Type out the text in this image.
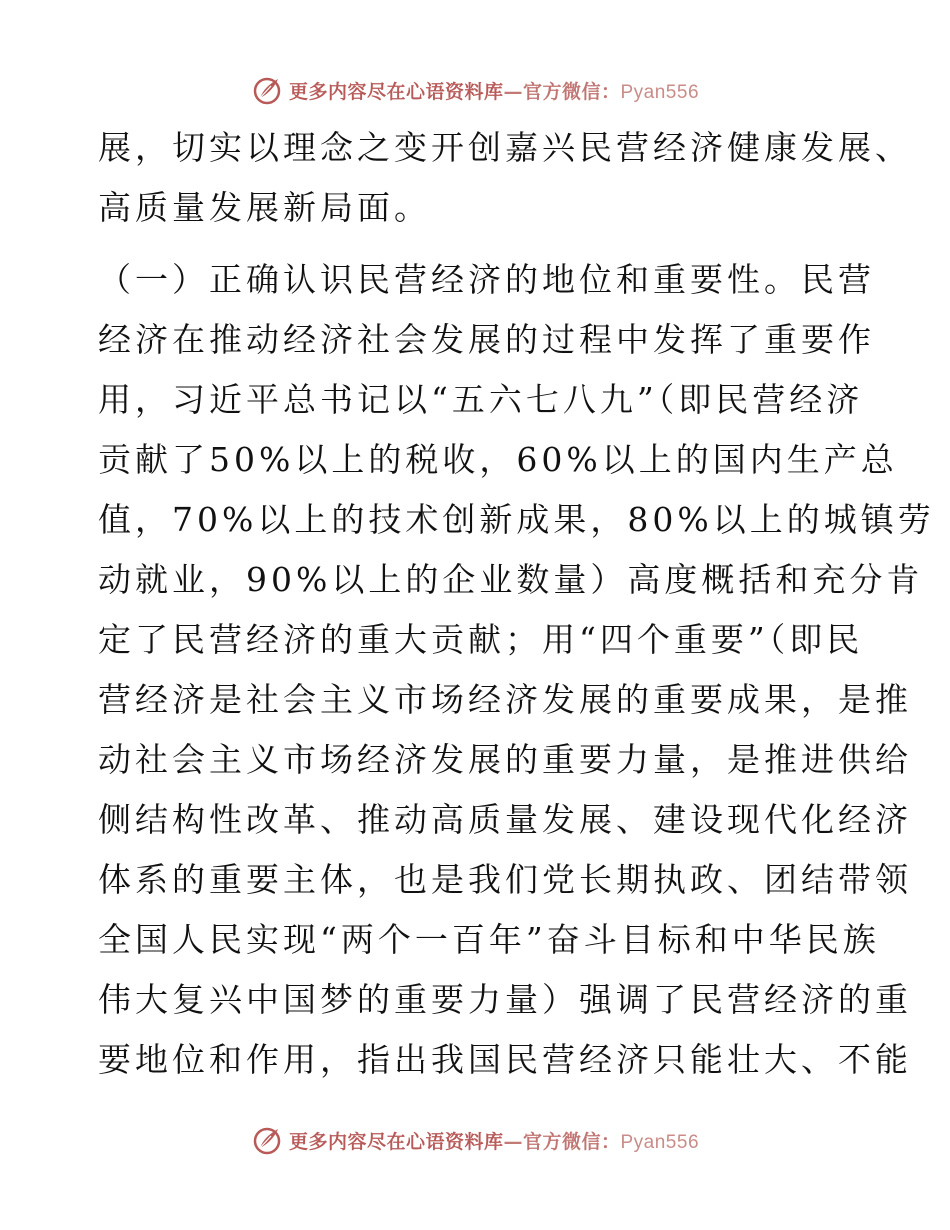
更多内容尽在心语资料库—官方微信：Pyan556
展，切实以理念之变开创嘉兴民营经济健康发展、
高质量发展新局面。
（一）正确认识民营经济的地位和重要性。民营
经济在推动经济社会发展的过程中发挥了重要作
用，习近平总书记以“五六七八九”（即民营经济
贡献了50%以上的税收，60%以上的国内生产总
值，70%以上的技术创新成果，80%以上的城镇劳
动就业，90%以上的企业数量）高度概括和充分肯
定了民营经济的重大贡献；用“四个重要”（即民
营经济是社会主义市场经济发展的重要成果，是推
动社会主义市场经济发展的重要力量，是推进供给
侧结构性改革、推动高质量发展、建设现代化经济
体系的重要主体，也是我们党长期执政、团结带领
全国人民实现“两个一百年”奋斗目标和中华民族
伟大复兴中国梦的重要力量）强调了民营经济的重
要地位和作用，指出我国民营经济只能壮大、不能
更多内容尽在心语资料库—官方微信：Pyan556
